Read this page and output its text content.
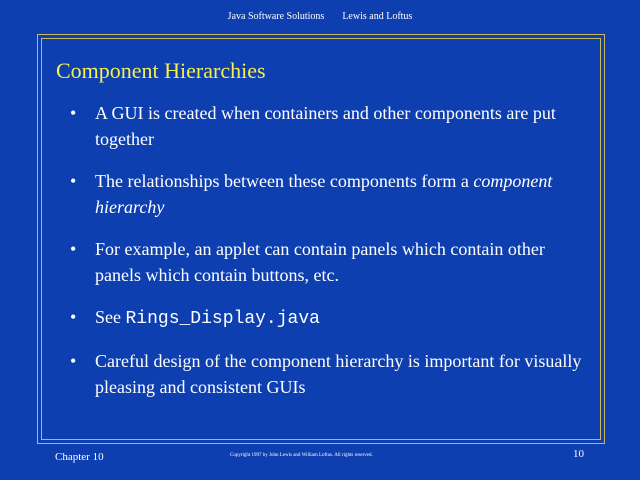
Java Software Solutions Lewis and Loftus
Component Hierarchies
• A GUI is created when containers and other components are put together
• The relationships between these components form a component hierarchy
• For example, an applet can contain panels which contain other panels which contain buttons, etc.
• See Rings_Display.java
• Careful design of the component hierarchy is important for visually pleasing and consistent GUIs
Chapter 10	Copyright 1997 by John Lewis and William Loftus. All rights reserved.	10
